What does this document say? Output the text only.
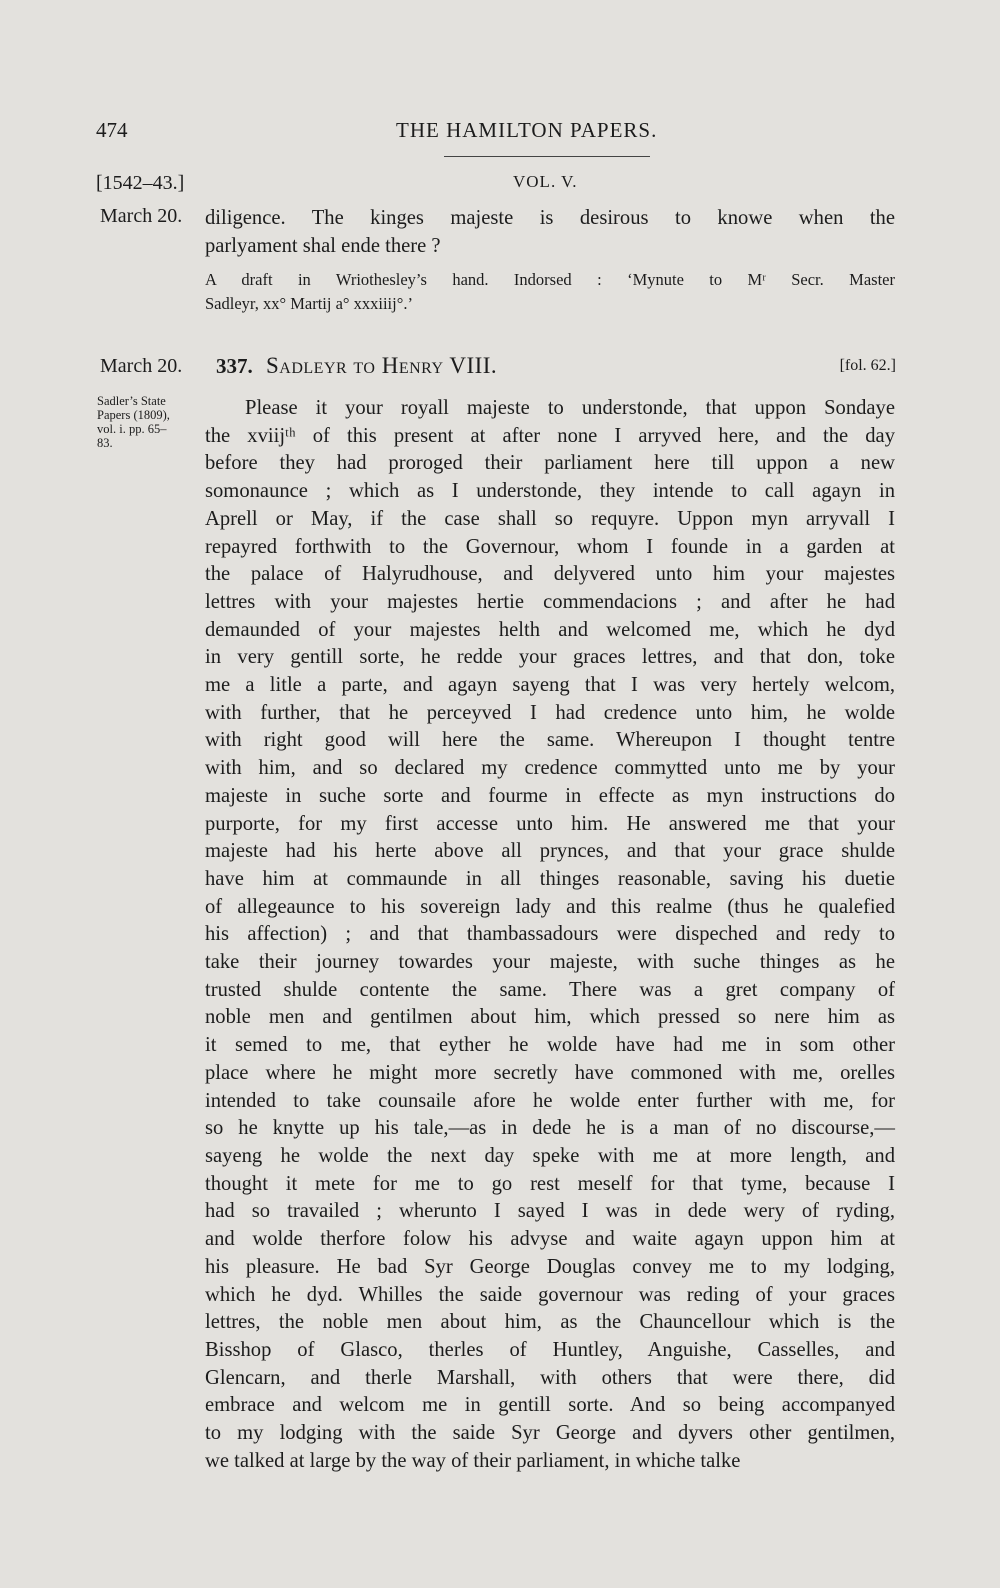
474	THE HAMILTON PAPERS.
[1542–43.]	VOL. V.
March 20. diligence. The kinges majeste is desirous to knowe when the
parlyament shal ende there ?
A draft in Wriothesley’s hand. Indorsed : ‘Mynute to Mʳ Secr. Master
Sadleyr, xx° Martij a° xxxiiij°.’
March 20. 337. Sadleyr to Henry VIII.	[fol. 62.]
Sadler’s State
Papers (1809),
vol. i. pp. 65–
83.
Please it your royall majeste to understonde, that uppon Sondaye
the xviijᵗʰ of this present at after none I arryved here, and the day
before they had proroged their parliament here till uppon a new
somonaunce ; which as I understonde, they intende to call agayn in
Aprell or May, if the case shall so requyre. Uppon myn arryvall I
repayred forthwith to the Governour, whom I founde in a garden at
the palace of Halyrudhouse, and delyvered unto him your majestes
lettres with your majestes hertie commendacions ; and after he had
demaunded of your majestes helth and welcomed me, which he dyd
in very gentill sorte, he redde your graces lettres, and that don, toke
me a litle a parte, and agayn sayeng that I was very hertely welcom,
with further, that he perceyved I had credence unto him, he wolde
with right good will here the same. Whereupon I thought tentre
with him, and so declared my credence commytted unto me by your
majeste in suche sorte and fourme in effecte as myn instructions do
purporte, for my first accesse unto him. He answered me that your
majeste had his herte above all prynces, and that your grace shulde
have him at commaunde in all thinges reasonable, saving his duetie
of allegeaunce to his sovereign lady and this realme (thus he qualefied
his affection) ; and that thambassadours were dispeched and redy to
take their journey towardes your majeste, with suche thinges as he
trusted shulde contente the same. There was a gret company of
noble men and gentilmen about him, which pressed so nere him as
it semed to me, that eyther he wolde have had me in som other
place where he might more secretly have commoned with me, orelles
intended to take counsaile afore he wolde enter further with me, for
so he knytte up his tale,—as in dede he is a man of no discourse,—
sayeng he wolde the next day speke with me at more length, and
thought it mete for me to go rest meself for that tyme, because I
had so travailed ; wherunto I sayed I was in dede wery of ryding,
and wolde therfore folow his advyse and waite agayn uppon him at
his pleasure. He bad Syr George Douglas convey me to my lodging,
which he dyd. Whilles the saide governour was reding of your graces
lettres, the noble men about him, as the Chauncellour which is the
Bisshop of Glasco, therles of Huntley, Anguishe, Casselles, and
Glencarn, and therle Marshall, with others that were there, did
embrace and welcom me in gentill sorte. And so being accompanyed
to my lodging with the saide Syr George and dyvers other gentilmen,
we talked at large by the way of their parliament, in whiche talke
